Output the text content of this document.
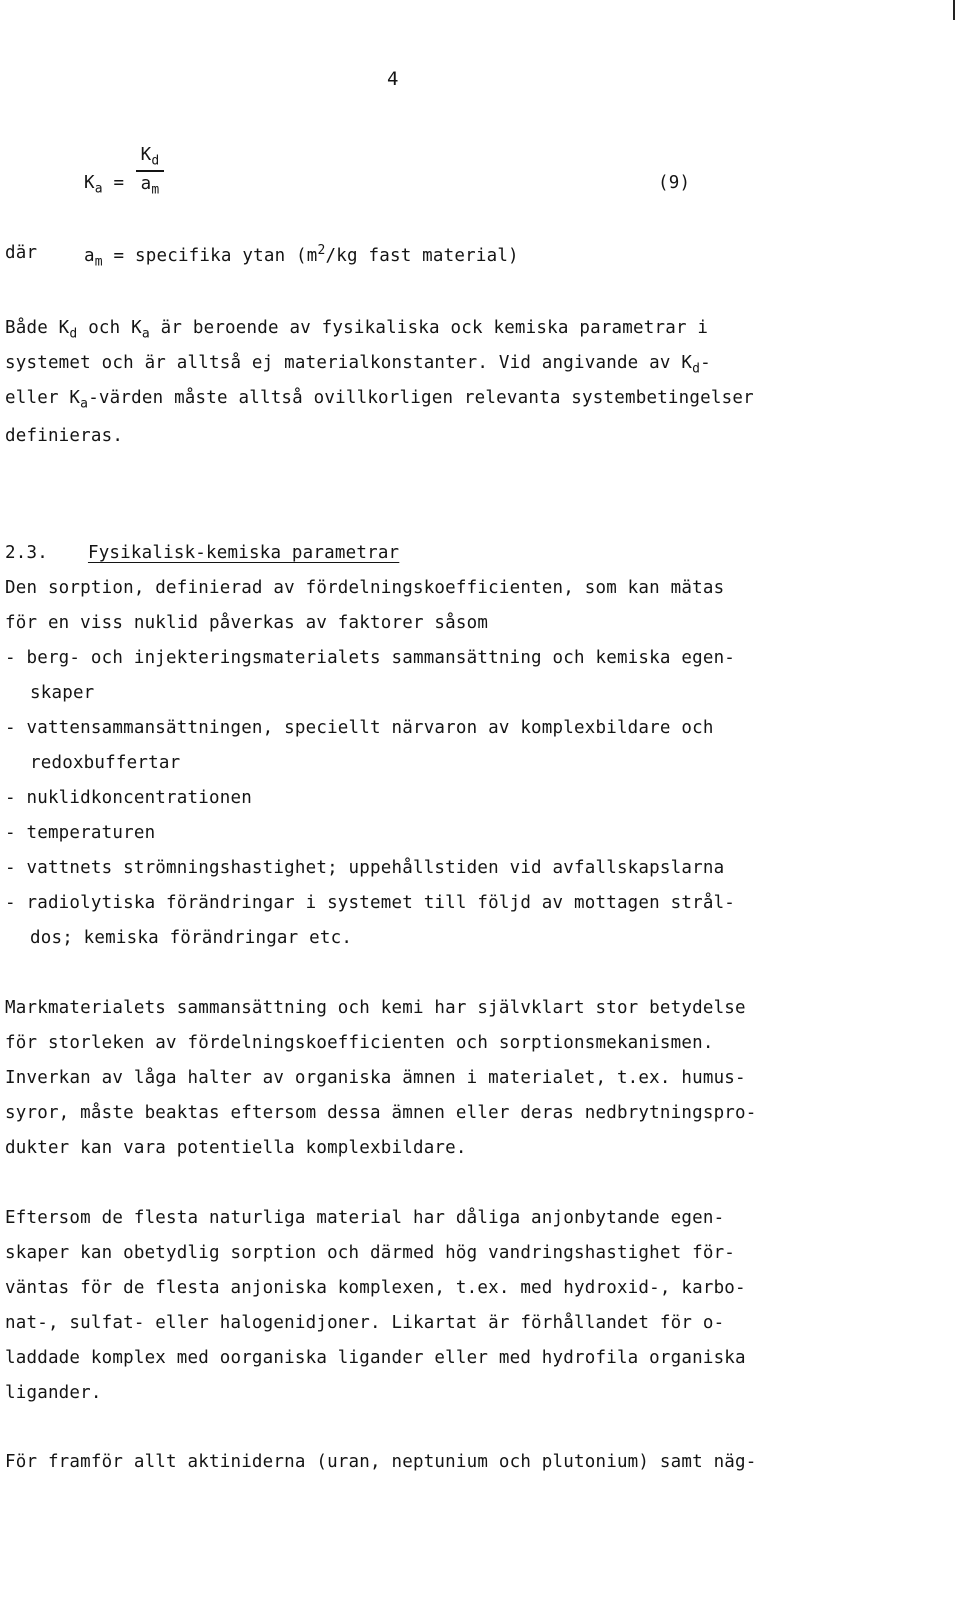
4
$K_a$ =
$K_d$
$a_m$	(9)
där	$a_m$ = specifika ytan ($m^2/kg$ fast material)
Både $K_d$ och $K_a$ är beroende av fysikaliska ock kemiska parametrar i
systemet och är alltså ej materialkonstanter. Vid angivande av $K_d-$
eller $K_a$-värden måste alltså ovillkorligen relevanta systembetingelser
definieras.
2.3. Fysikalisk-kemiska parametrar
Den sorption, definierad av fördelningskoefficienten, som kan mätas
för en viss nuklid påverkas av faktorer såsom
- berg- och injekteringsmaterialets sammansättning och kemiska egen-
skaper
- vattensammansättningen, speciellt närvaron av komplexbildare och
redoxbuffertar
- nuklidkoncentrationen
- temperaturen
- vattnets strömningshastighet; uppehållstiden vid avfallskapslarna
- radiolytiska förändringar i systemet till följd av mottagen strål-
dos; kemiska förändringar etc.
Markmaterialets sammansättning och kemi har självklart stor betydelse
för storleken av fördelningskoefficienten och sorptionsmekanismen.
Inverkan av låga halter av organiska ämnen i materialet, t.ex. humus-
syror, måste beaktas eftersom dessa ämnen eller deras nedbrytningspro-
dukter kan vara potentiella komplexbildare.
Eftersom de flesta naturliga material har dåliga anjonbytande egen-
skaper kan obetydlig sorption och därmed hög vandringshastighet för-
väntas för de flesta anjoniska komplexen, t.ex. med hydroxid-, karbo-
nat-, sulfat- eller halogenidjoner. Likartat är förhållandet för o-
laddade komplex med oorganiska ligander eller med hydrofila organiska
ligander.
För framför allt aktiniderna (uran, neptunium och plutonium) samt näg-
